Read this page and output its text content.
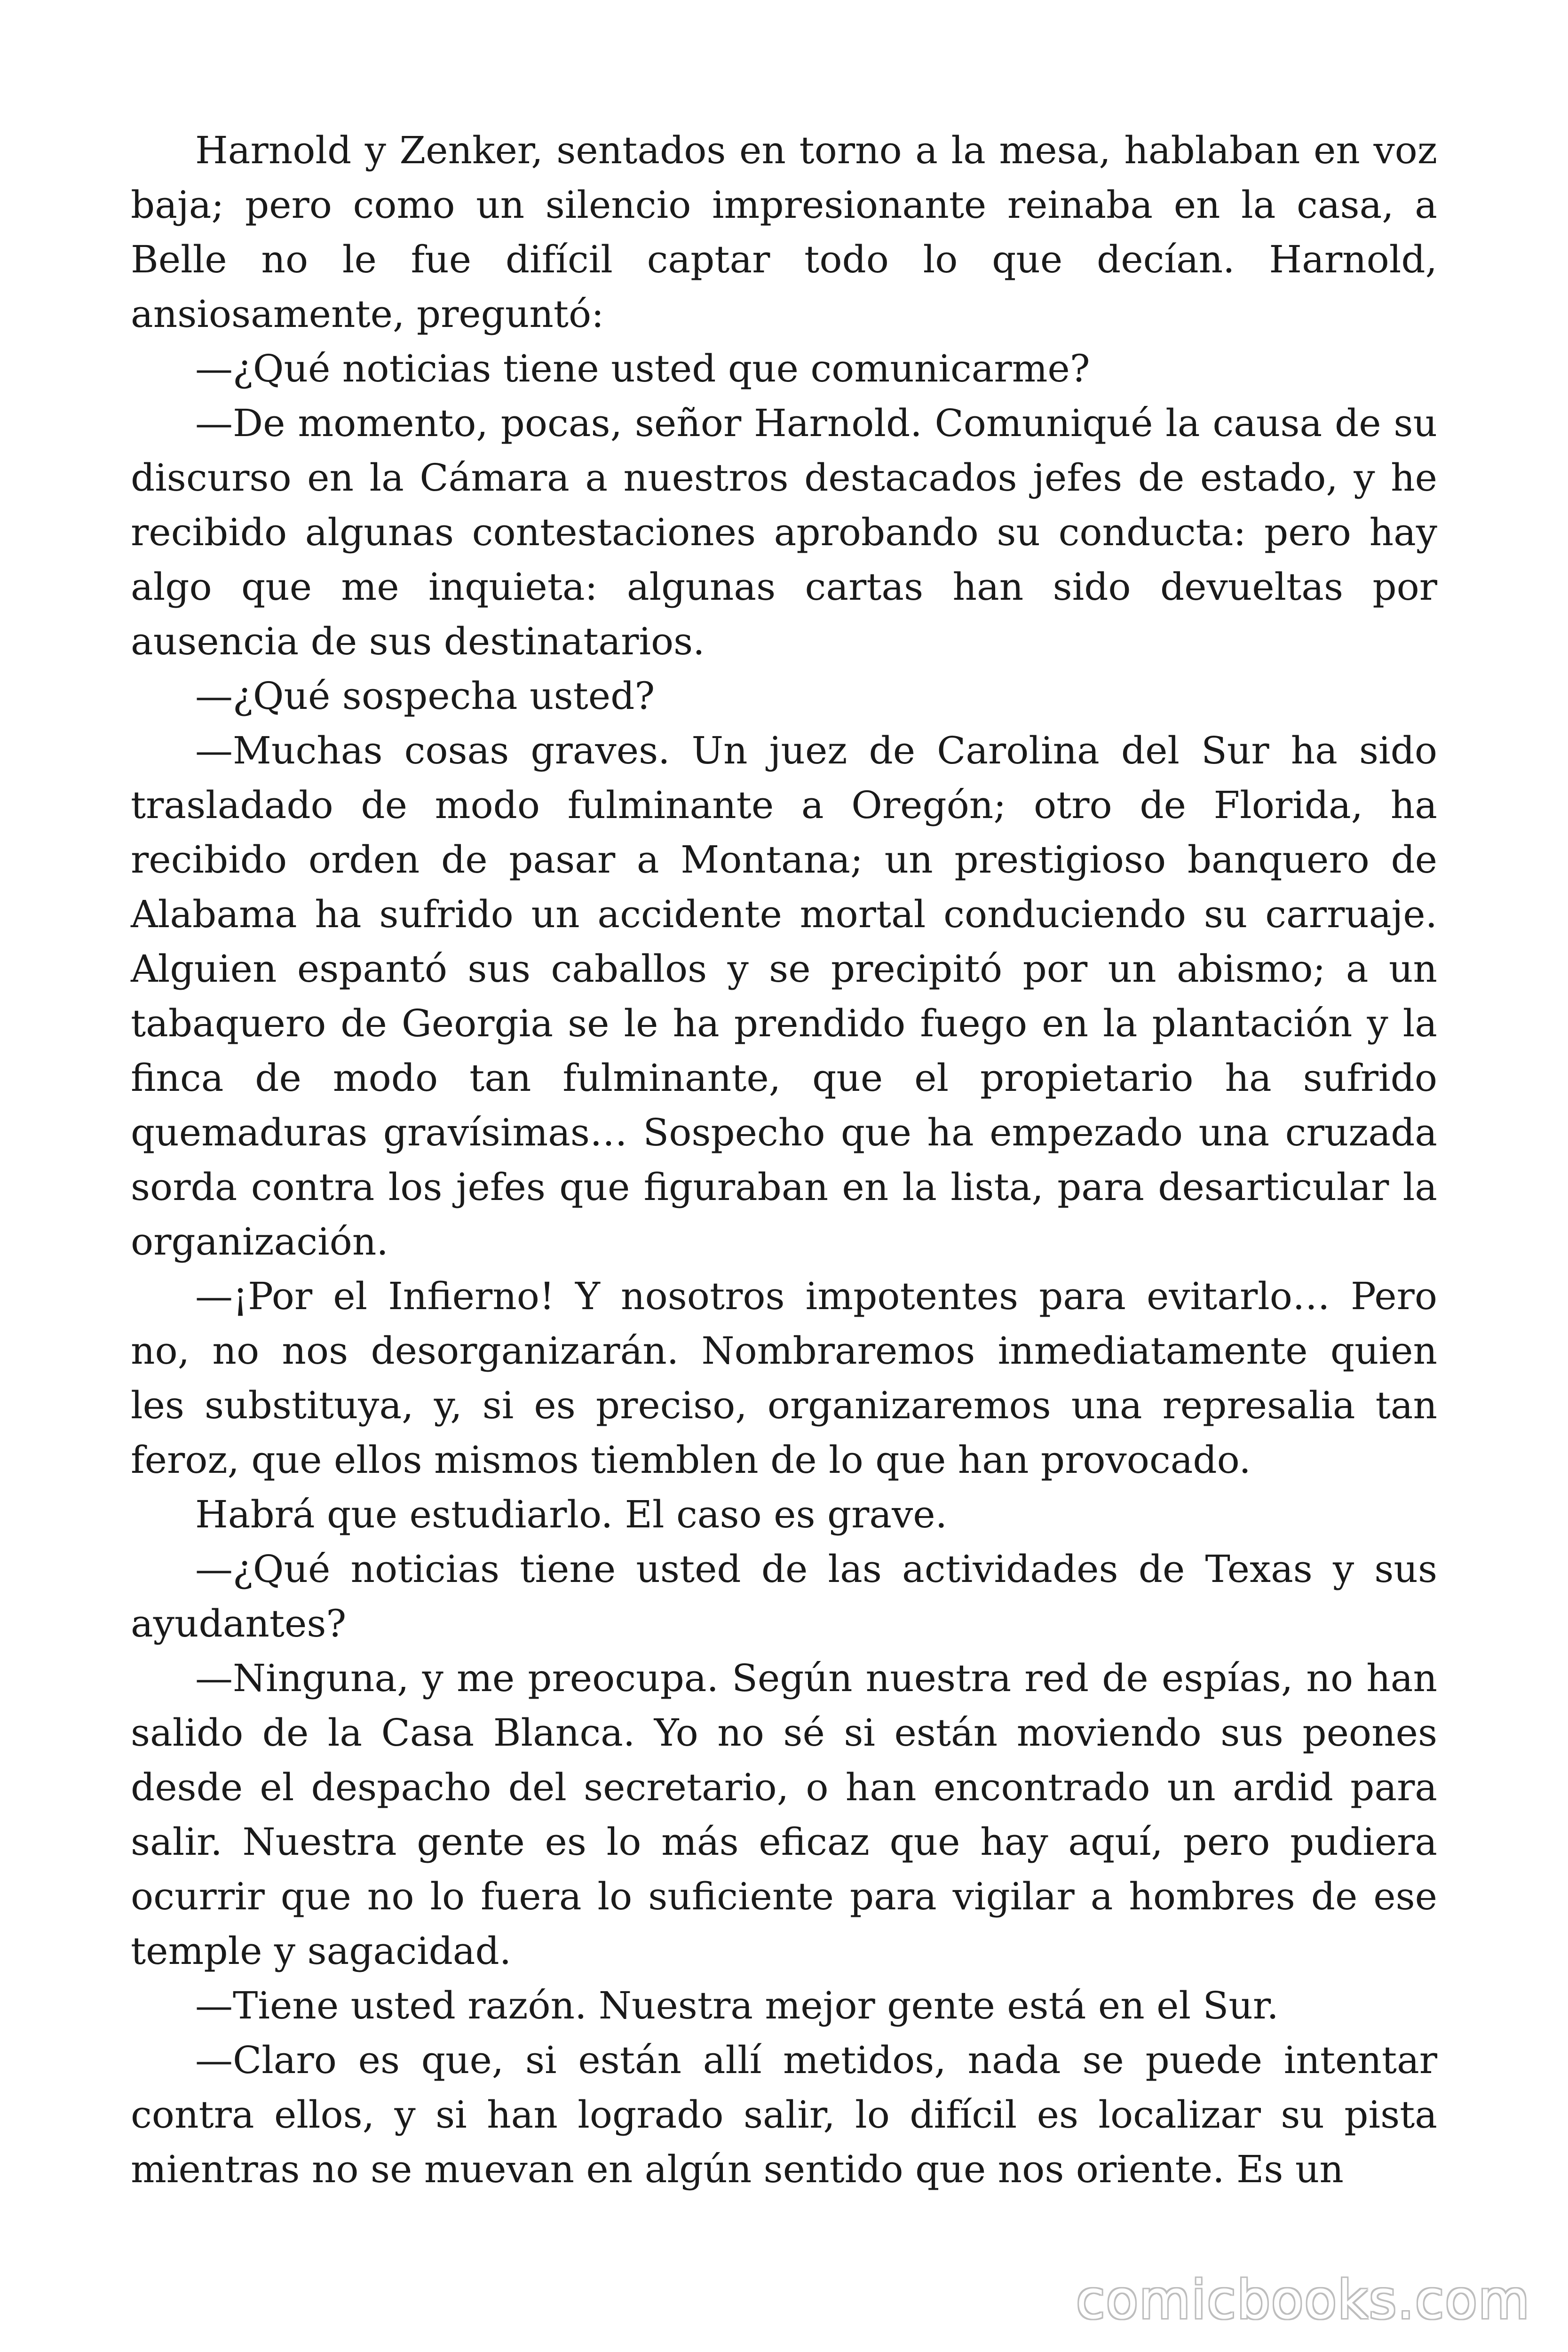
Harnold y Zenker, sentados en torno a la mesa, hablaban en voz baja; pero como un silencio impresionante reinaba en la casa, a Belle no le fue difícil captar todo lo que decían. Harnold, ansiosamente, preguntó:

—¿Qué noticias tiene usted que comunicarme?

—De momento, pocas, señor Harnold. Comuniqué la causa de su discurso en la Cámara a nuestros destacados jefes de estado, y he recibido algunas contestaciones aprobando su conducta: pero hay algo que me inquieta: algunas cartas han sido devueltas por ausencia de sus destinatarios.

—¿Qué sospecha usted?

—Muchas cosas graves. Un juez de Carolina del Sur ha sido trasladado de modo fulminante a Oregón; otro de Florida, ha recibido orden de pasar a Montana; un prestigioso banquero de Alabama ha sufrido un accidente mortal conduciendo su carruaje. Alguien espantó sus caballos y se precipitó por un abismo; a un tabaquero de Georgia se le ha prendido fuego en la plantación y la finca de modo tan fulminante, que el propietario ha sufrido quemaduras gravísimas… Sospecho que ha empezado una cruzada sorda contra los jefes que figuraban en la lista, para desarticular la organización.

—¡Por el Infierno! Y nosotros impotentes para evitarlo… Pero no, no nos desorganizarán. Nombraremos inmediatamente quien les substituya, y, si es preciso, organizaremos una represalia tan feroz, que ellos mismos tiemblen de lo que han provocado.

Habrá que estudiarlo. El caso es grave.

—¿Qué noticias tiene usted de las actividades de Texas y sus ayudantes?

—Ninguna, y me preocupa. Según nuestra red de espías, no han salido de la Casa Blanca. Yo no sé si están moviendo sus peones desde el despacho del secretario, o han encontrado un ardid para salir. Nuestra gente es lo más eficaz que hay aquí, pero pudiera ocurrir que no lo fuera lo suficiente para vigilar a hombres de ese temple y sagacidad.

—Tiene usted razón. Nuestra mejor gente está en el Sur.

—Claro es que, si están allí metidos, nada se puede intentar contra ellos, y si han logrado salir, lo difícil es localizar su pista mientras no se muevan en algún sentido que nos oriente. Es un

comicbooks.com
